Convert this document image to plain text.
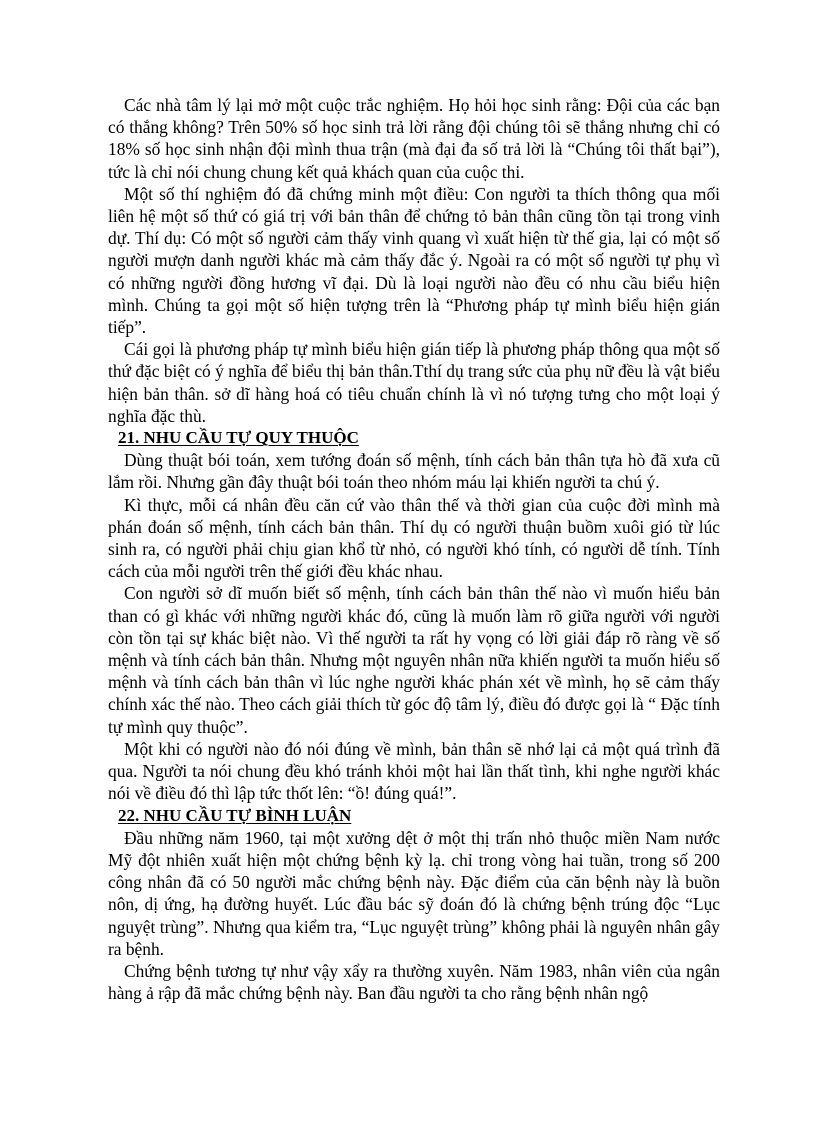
Các nhà tâm lý lại mở một cuộc trắc nghiệm. Họ hỏi học sinh rằng: Đội của các bạn có thắng không? Trên 50% số học sinh trả lời rằng đội chúng tôi sẽ thắng nhưng chỉ có 18% số học sinh nhận đội mình thua trận (mà đại đa số trả lời là “Chúng tôi thất bại”), tức là chỉ nói chung chung kết quả khách quan của cuộc thi.

Một số thí nghiệm đó đã chứng minh một điều: Con người ta thích thông qua mối liên hệ một số thứ có giá trị với bản thân để chứng tỏ bản thân cũng tồn tại trong vinh dự. Thí dụ: Có một số người cảm thấy vinh quang vì xuất hiện từ thế gia, lại có một số người mượn danh người khác mà cảm thấy đắc ý. Ngoài ra có một số người tự phụ vì có những người đồng hương vĩ đại. Dù là loại người nào đều có nhu cầu biểu hiện mình. Chúng ta gọi một số hiện tượng trên là “Phương pháp tự mình biểu hiện gián tiếp”.

Cái gọi là phương pháp tự mình biểu hiện gián tiếp là phương pháp thông qua một số thứ đặc biệt có ý nghĩa để biểu thị bản thân.Tthí dụ trang sức của phụ nữ đều là vật biểu hiện bản thân. sở dĩ hàng hoá có tiêu chuẩn chính là vì nó tượng tưng cho một loại ý nghĩa đặc thù.

21. NHU CẦU TỰ QUY THUỘC

Dùng thuật bói toán, xem tướng đoán số mệnh, tính cách bản thân tựa hò đã xưa cũ lắm rồi. Nhưng gần đây thuật bói toán theo nhóm máu lại khiến người ta chú ý.

Kì thực, mỗi cá nhân đều căn cứ vào thân thế và thời gian của cuộc đời mình mà phán đoán số mệnh, tính cách bản thân. Thí dụ có người thuận buồm xuôi gió từ lúc sinh ra, có người phải chịu gian khổ từ nhỏ, có người khó tính, có người dễ tính. Tính cách của mỗi người trên thế giới đều khác nhau.

Con người sở dĩ muốn biết số mệnh, tính cách bản thân thế nào vì muốn hiểu bản than có gì khác với những người khác đó, cũng là muốn làm rõ giữa người với người còn tồn tại sự khác biệt nào. Vì thế người ta rất hy vọng có lời giải đáp rõ ràng về số mệnh và tính cách bản thân. Nhưng một nguyên nhân nữa khiến người ta muốn hiểu số mệnh và tính cách bản thân vì lúc nghe người khác phán xét về mình, họ sẽ cảm thấy chính xác thế nào. Theo cách giải thích từ góc độ tâm lý, điều đó được gọi là “ Đặc tính tự mình quy thuộc”.

Một khi có người nào đó nói đúng về mình, bản thân sẽ nhớ lại cả một quá trình đã qua. Người ta nói chung đều khó tránh khỏi một hai lần thất tình, khi nghe người khác nói về điều đó thì lập tức thốt lên: “ồ! đúng quá!”.

22. NHU CẦU TỰ BÌNH LUẬN

Đầu những năm 1960, tại một xưởng dệt ở một thị trấn nhỏ thuộc miền Nam nước Mỹ đột nhiên xuất hiện một chứng bệnh kỳ lạ. chỉ trong vòng hai tuần, trong số 200 công nhân đã có 50 người mắc chứng bệnh này. Đặc điểm của căn bệnh này là buồn nôn, dị ứng, hạ đường huyết. Lúc đầu bác sỹ đoán đó là chứng bệnh trúng độc “Lục nguyệt trùng”. Nhưng qua kiểm tra, “Lục nguyệt trùng” không phải là nguyên nhân gây ra bệnh.

Chứng bệnh tương tự như vậy xẩy ra thường xuyên. Năm 1983, nhân viên của ngân hàng ả rập đã mắc chứng bệnh này. Ban đầu người ta cho rằng bệnh nhân ngộ
